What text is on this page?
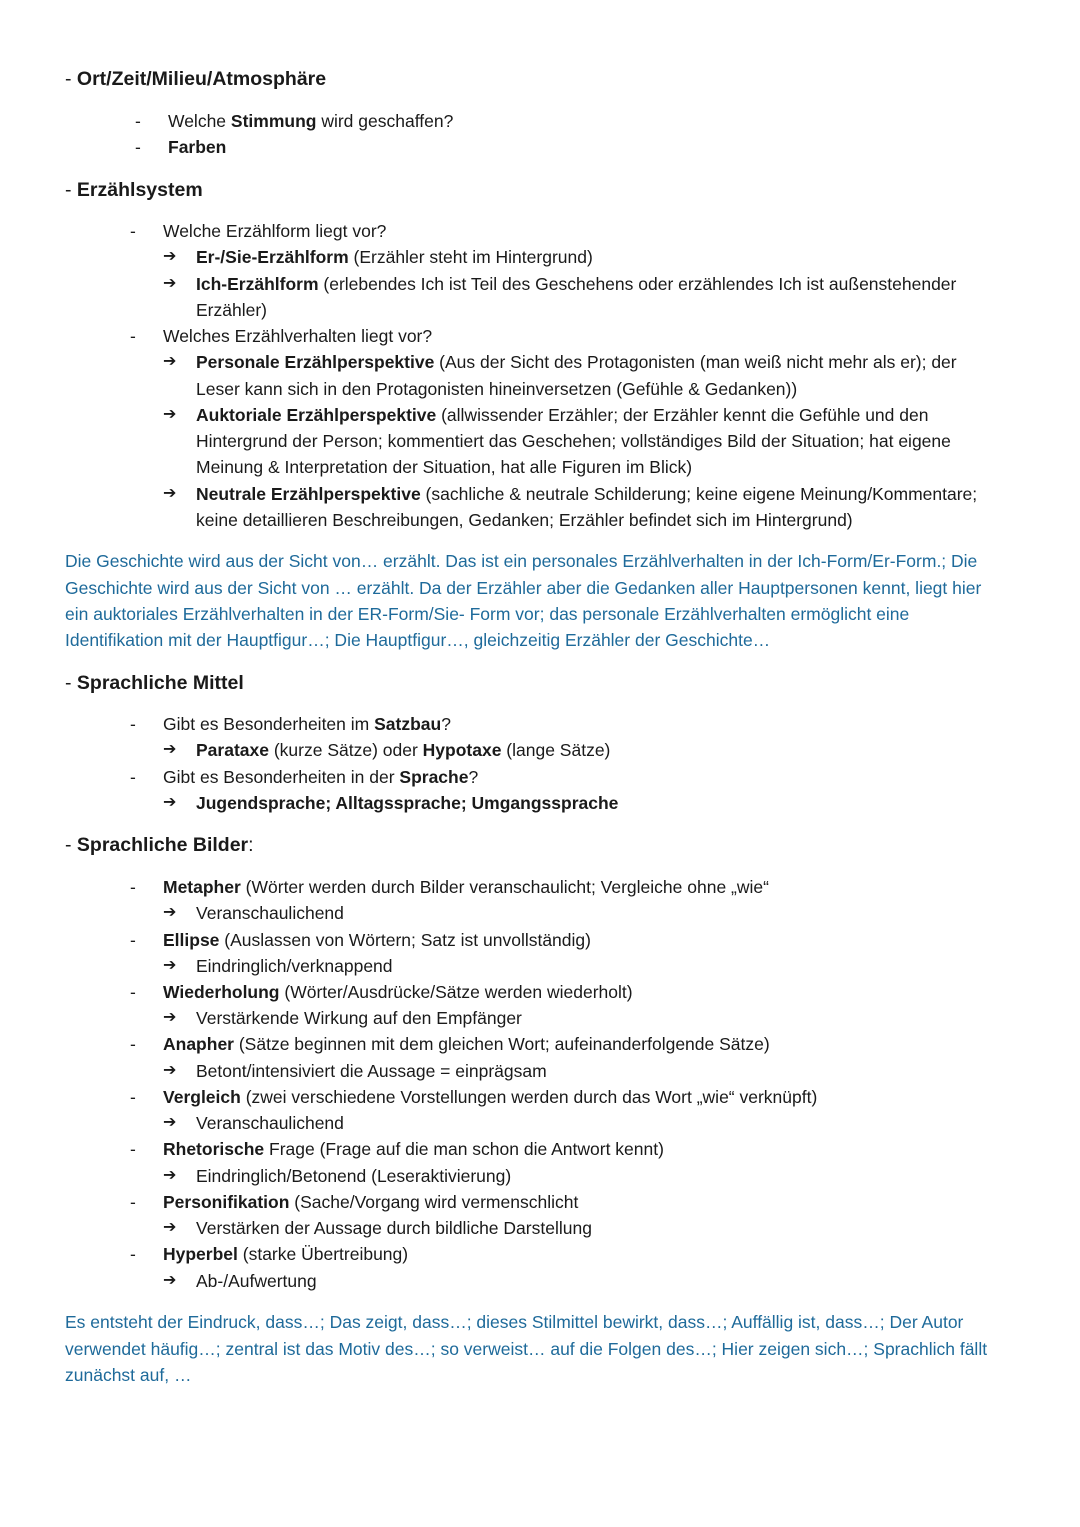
- Ort/Zeit/Milieu/Atmosphäre
- Welche Stimmung wird geschaffen?
- Farben
- Erzählsystem
- Welche Erzählform liegt vor?
➔ Er-/Sie-Erzählform (Erzähler steht im Hintergrund)
➔ Ich-Erzählform (erlebendes Ich ist Teil des Geschehens oder erzählendes Ich ist außenstehender
Erzähler)
- Welches Erzählverhalten liegt vor?
➔ Personale Erzählperspektive (Aus der Sicht des Protagonisten (man weiß nicht mehr als er); der
Leser kann sich in den Protagonisten hineinversetzen (Gefühle & Gedanken))
➔ Auktoriale Erzählperspektive (allwissender Erzähler; der Erzähler kennt die Gefühle und den
Hintergrund der Person; kommentiert das Geschehen; vollständiges Bild der Situation; hat eigene
Meinung & Interpretation der Situation, hat alle Figuren im Blick)
➔ Neutrale Erzählperspektive (sachliche & neutrale Schilderung; keine eigene Meinung/Kommentare;
keine detaillieren Beschreibungen, Gedanken; Erzähler befindet sich im Hintergrund)
Die Geschichte wird aus der Sicht von… erzählt. Das ist ein personales Erzählverhalten in der Ich-Form/Er-Form.; Die
Geschichte wird aus der Sicht von … erzählt. Da der Erzähler aber die Gedanken aller Hauptpersonen kennt, liegt hier
ein auktoriales Erzählverhalten in der ER-Form/Sie- Form vor; das personale Erzählverhalten ermöglicht eine
Identifikation mit der Hauptfigur…; Die Hauptfigur…, gleichzeitig Erzähler der Geschichte…
- Sprachliche Mittel
- Gibt es Besonderheiten im Satzbau?
➔ Parataxe (kurze Sätze) oder Hypotaxe (lange Sätze)
- Gibt es Besonderheiten in der Sprache?
➔ Jugendsprache; Alltagssprache; Umgangssprache
- Sprachliche Bilder:
- Metapher (Wörter werden durch Bilder veranschaulicht; Vergleiche ohne „wie“
➔ Veranschaulichend
- Ellipse (Auslassen von Wörtern; Satz ist unvollständig)
➔ Eindringlich/verknappend
- Wiederholung (Wörter/Ausdrücke/Sätze werden wiederholt)
➔ Verstärkende Wirkung auf den Empfänger
- Anapher (Sätze beginnen mit dem gleichen Wort; aufeinanderfolgende Sätze)
➔ Betont/intensiviert die Aussage = einprägsam
- Vergleich (zwei verschiedene Vorstellungen werden durch das Wort „wie“ verknüpft)
➔ Veranschaulichend
- Rhetorische Frage (Frage auf die man schon die Antwort kennt)
➔ Eindringlich/Betonend (Leseraktivierung)
- Personifikation (Sache/Vorgang wird vermenschlicht
➔ Verstärken der Aussage durch bildliche Darstellung
- Hyperbel (starke Übertreibung)
➔ Ab-/Aufwertung
Es entsteht der Eindruck, dass…; Das zeigt, dass…; dieses Stilmittel bewirkt, dass…; Auffällig ist, dass…; Der Autor
verwendet häufig…; zentral ist das Motiv des…; so verweist… auf die Folgen des…; Hier zeigen sich…; Sprachlich fällt
zunächst auf, …
